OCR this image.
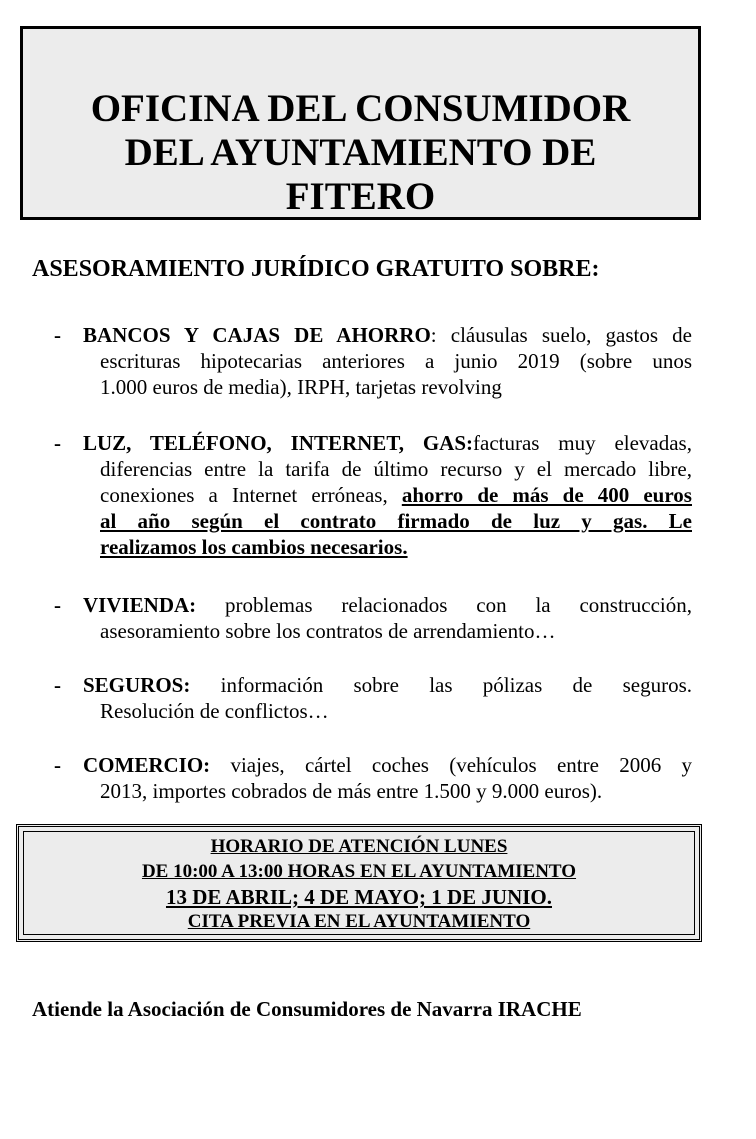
OFICINA DEL CONSUMIDOR
DEL AYUNTAMIENTO DE
FITERO
ASESORAMIENTO JURÍDICO GRATUITO SOBRE:
-	BANCOS Y CAJAS DE AHORRO: cláusulas suelo, gastos de
escrituras hipotecarias anteriores a junio 2019 (sobre unos
1.000 euros de media), IRPH, tarjetas revolving
-	LUZ, TELÉFONO, INTERNET, GAS:facturas muy elevadas,
diferencias entre la tarifa de último recurso y el mercado libre,
conexiones a Internet erróneas, ahorro de más de 400 euros
al año según el contrato firmado de luz y gas. Le
realizamos los cambios necesarios.
-	VIVIENDA: problemas relacionados con la construcción,
asesoramiento sobre los contratos de arrendamiento…
-	SEGUROS: información sobre las pólizas de seguros.
Resolución de conflictos…
-	COMERCIO: viajes, cártel coches (vehículos entre 2006 y
2013, importes cobrados de más entre 1.500 y 9.000 euros).
HORARIO DE ATENCIÓN LUNES
DE 10:00 A 13:00 HORAS EN EL AYUNTAMIENTO
13 DE ABRIL; 4 DE MAYO; 1 DE JUNIO.
CITA PREVIA EN EL AYUNTAMIENTO
Atiende la Asociación de Consumidores de Navarra IRACHE
